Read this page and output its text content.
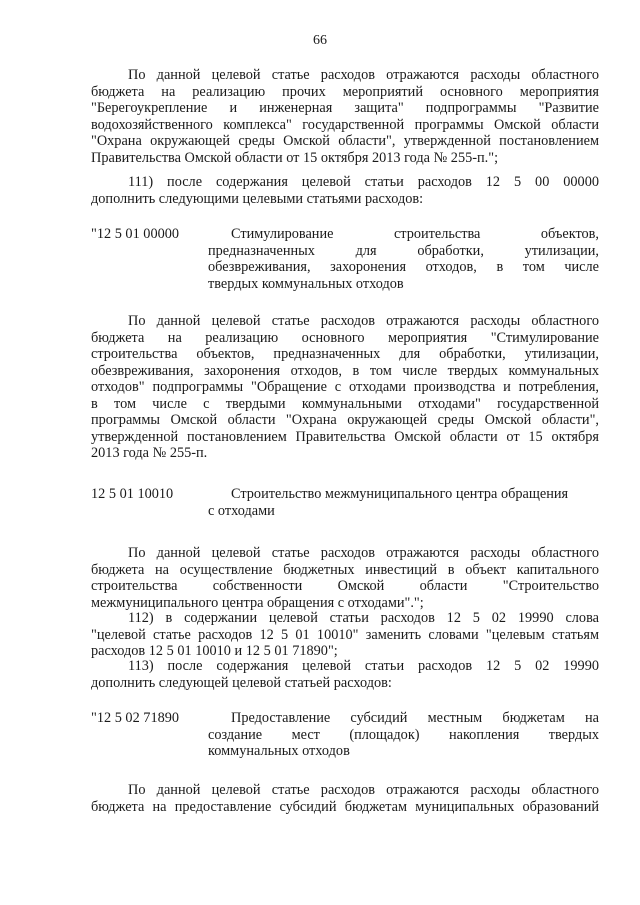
66
По данной целевой статье расходов отражаются расходы областного
бюджета на реализацию прочих мероприятий основного мероприятия
"Берегоукрепление и инженерная защита" подпрограммы "Развитие
водохозяйственного комплекса" государственной программы Омской области
"Охрана окружающей среды Омской области", утвержденной постановлением
Правительства Омской области от 15 октября 2013 года № 255-п.";
111) после содержания целевой статьи расходов 12 5 00 00000
дополнить следующими целевыми статьями расходов:
"12 5 01 00000	Стимулирование строительства объектов,
предназначенных для обработки, утилизации,
обезвреживания, захоронения отходов, в том числе
твердых коммунальных отходов
По данной целевой статье расходов отражаются расходы областного
бюджета на реализацию основного мероприятия "Стимулирование
строительства объектов, предназначенных для обработки, утилизации,
обезвреживания, захоронения отходов, в том числе твердых коммунальных
отходов" подпрограммы "Обращение с отходами производства и потребления,
в том числе с твердыми коммунальными отходами" государственной
программы Омской области "Охрана окружающей среды Омской области",
утвержденной постановлением Правительства Омской области от 15 октября
2013 года № 255-п.
12 5 01 10010	Строительство межмуниципального центра обращения
с отходами
По данной целевой статье расходов отражаются расходы областного
бюджета на осуществление бюджетных инвестиций в объект капитального
строительства собственности Омской области "Строительство
межмуниципального центра обращения с отходами".";
112) в содержании целевой статьи расходов 12 5 02 19990 слова
"целевой статье расходов 12 5 01 10010" заменить словами "целевым статьям
расходов 12 5 01 10010 и 12 5 01 71890";
113) после содержания целевой статьи расходов 12 5 02 19990
дополнить следующей целевой статьей расходов:
"12 5 02 71890	Предоставление субсидий местным бюджетам на
создание мест (площадок) накопления твердых
коммунальных отходов
По данной целевой статье расходов отражаются расходы областного
бюджета на предоставление субсидий бюджетам муниципальных образований
